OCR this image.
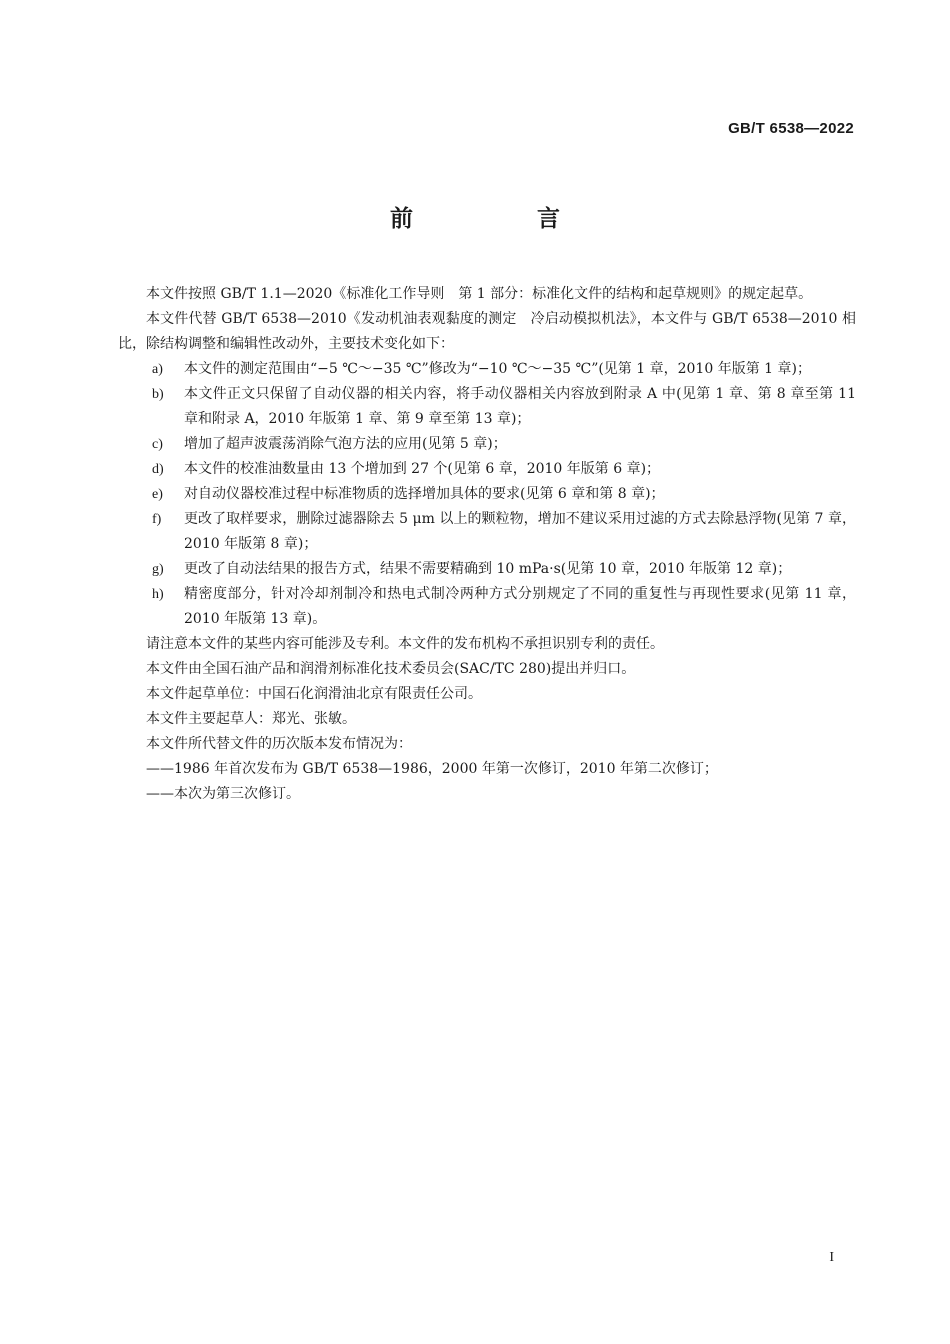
GB/T 6538—2022
前 言

本文件按照 GB/T 1.1—2020《标准化工作导则　第 1 部分：标准化文件的结构和起草规则》的规定起草。

本文件代替 GB/T 6538—2010《发动机油表观黏度的测定　冷启动模拟机法》，本文件与 GB/T 6538—2010 相比，除结构调整和编辑性改动外，主要技术变化如下：

a) 本文件的测定范围由“−5 ℃～−35 ℃”修改为“−10 ℃～−35 ℃”(见第 1 章，2010 年版第 1 章)；
b) 本文件正文只保留了自动仪器的相关内容，将手动仪器相关内容放到附录 A 中(见第 1 章、第 8 章至第 11 章和附录 A，2010 年版第 1 章、第 9 章至第 13 章)；
c) 增加了超声波震荡消除气泡方法的应用(见第 5 章)；
d) 本文件的校准油数量由 13 个增加到 27 个(见第 6 章，2010 年版第 6 章)；
e) 对自动仪器校准过程中标准物质的选择增加具体的要求(见第 6 章和第 8 章)；
f) 更改了取样要求，删除过滤器除去 5 μm 以上的颗粒物，增加不建议采用过滤的方式去除悬浮物(见第 7 章，2010 年版第 8 章)；
g) 更改了自动法结果的报告方式，结果不需要精确到 10 mPa·s(见第 10 章，2010 年版第 12 章)；
h) 精密度部分，针对冷却剂制冷和热电式制冷两种方式分别规定了不同的重复性与再现性要求(见第 11 章，2010 年版第 13 章)。

请注意本文件的某些内容可能涉及专利。本文件的发布机构不承担识别专利的责任。

本文件由全国石油产品和润滑剂标准化技术委员会(SAC/TC 280)提出并归口。

本文件起草单位：中国石化润滑油北京有限责任公司。

本文件主要起草人：郑光、张敏。

本文件所代替文件的历次版本发布情况为：

——1986 年首次发布为 GB/T 6538—1986，2000 年第一次修订，2010 年第二次修订；

——本次为第三次修订。

I
